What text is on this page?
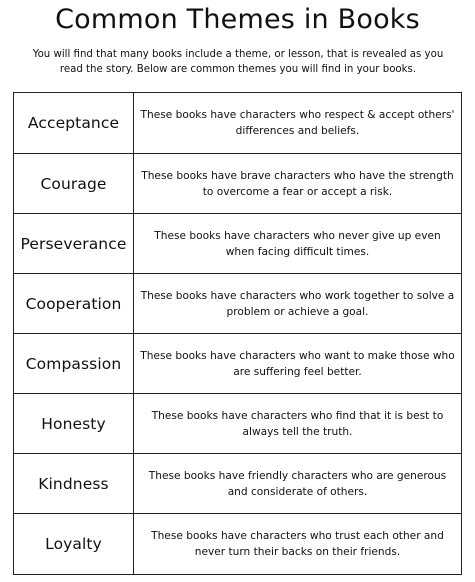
Common Themes in Books
You will find that many books include a theme, or lesson, that is revealed as you read the story. Below are common themes you will find in your books.
Acceptance These books have characters who respect & accept others' differences and beliefs.
Courage	These books have brave characters who have the strength to overcome a fear or accept a risk.
Perseverance	These books have characters who never give up even when facing difficult times.
Cooperation These books have characters who work together to solve a problem or achieve a goal.
Compassion These books have characters who want to make those who are suffering feel better.
Honesty	These books have characters who find that it is best to always tell the truth.
Kindness	These books have friendly characters who are generous and considerate of others.
Loyalty	These books have characters who trust each other and never turn their backs on their friends.
